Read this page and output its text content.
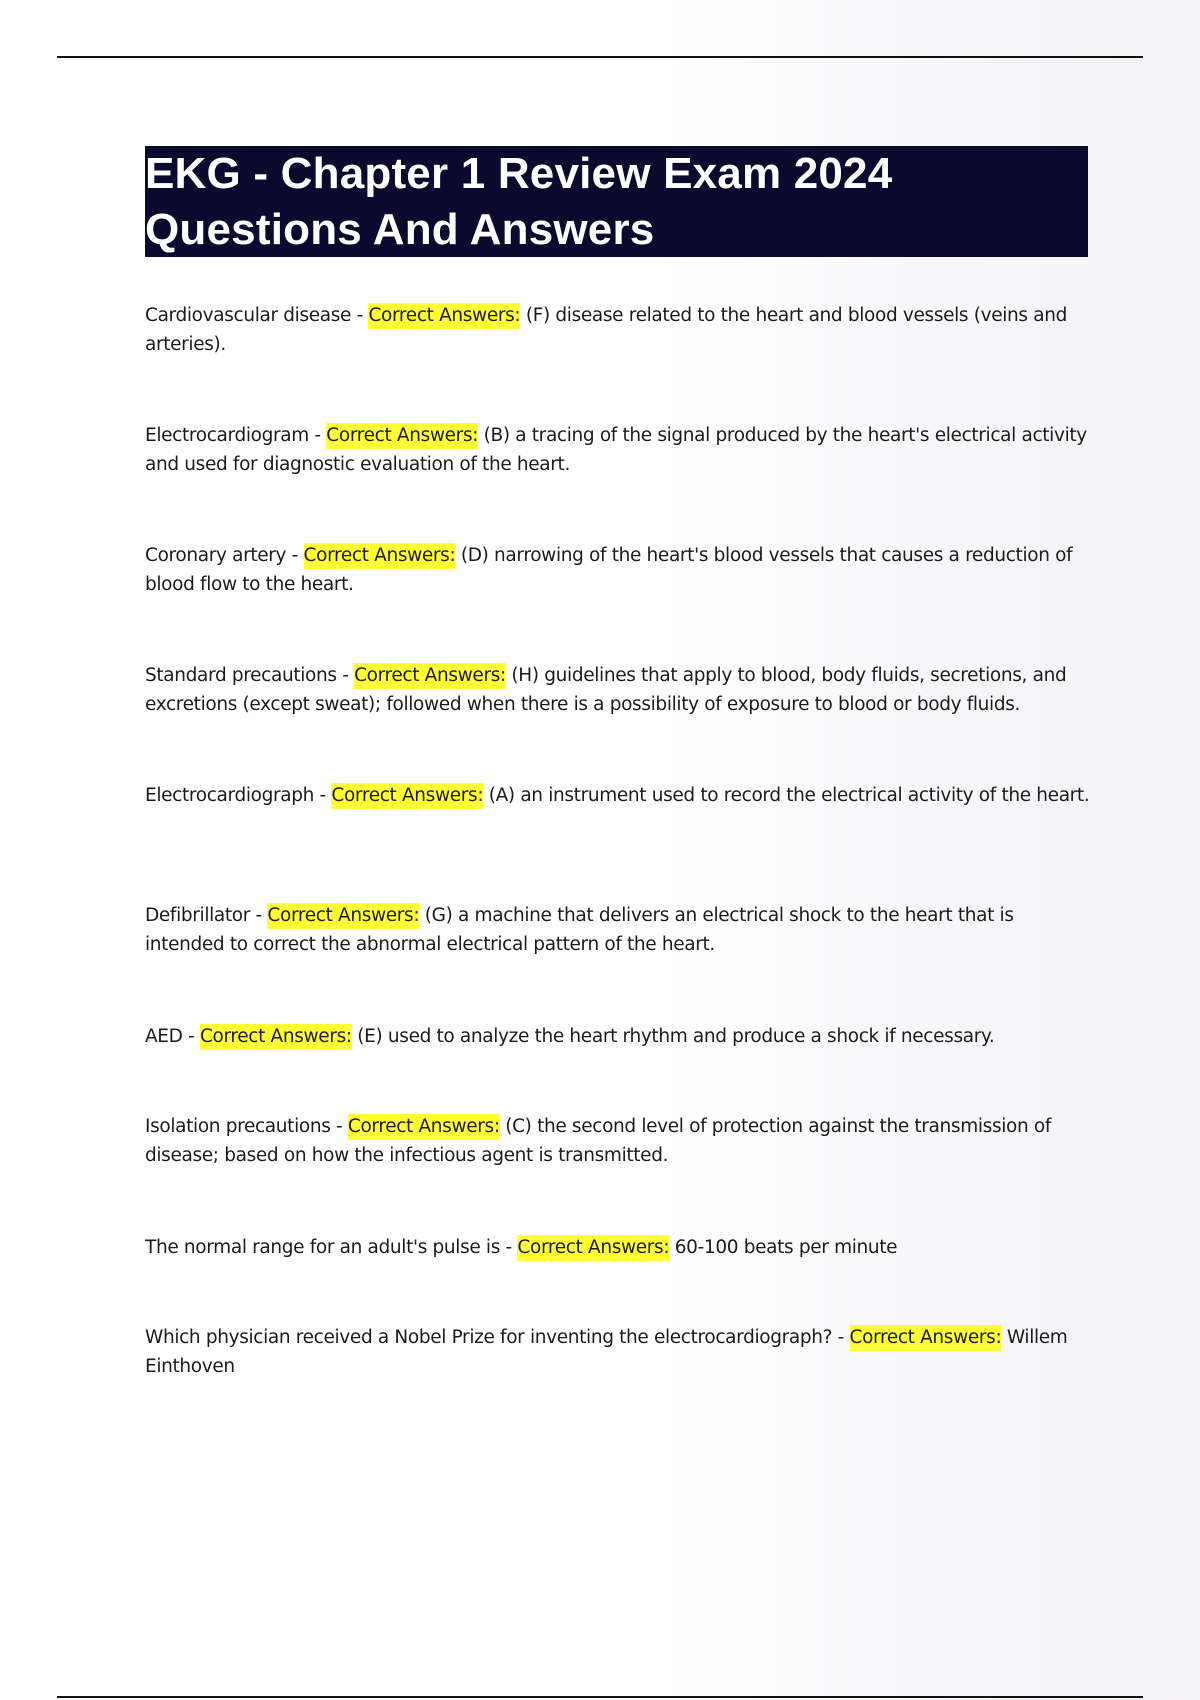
EKG - Chapter 1 Review Exam 2024 Questions And Answers

Cardiovascular disease - Correct Answers: (F) disease related to the heart and blood vessels (veins and arteries).

Electrocardiogram - Correct Answers: (B) a tracing of the signal produced by the heart's electrical activity and used for diagnostic evaluation of the heart.

Coronary artery - Correct Answers: (D) narrowing of the heart's blood vessels that causes a reduction of blood flow to the heart.

Standard precautions - Correct Answers: (H) guidelines that apply to blood, body fluids, secretions, and excretions (except sweat); followed when there is a possibility of exposure to blood or body fluids.

Electrocardiograph - Correct Answers: (A) an instrument used to record the electrical activity of the heart.

Defibrillator - Correct Answers: (G) a machine that delivers an electrical shock to the heart that is intended to correct the abnormal electrical pattern of the heart.

AED - Correct Answers: (E) used to analyze the heart rhythm and produce a shock if necessary.

Isolation precautions - Correct Answers: (C) the second level of protection against the transmission of disease; based on how the infectious agent is transmitted.

The normal range for an adult's pulse is - Correct Answers: 60-100 beats per minute

Which physician received a Nobel Prize for inventing the electrocardiograph? - Correct Answers: Willem Einthoven
